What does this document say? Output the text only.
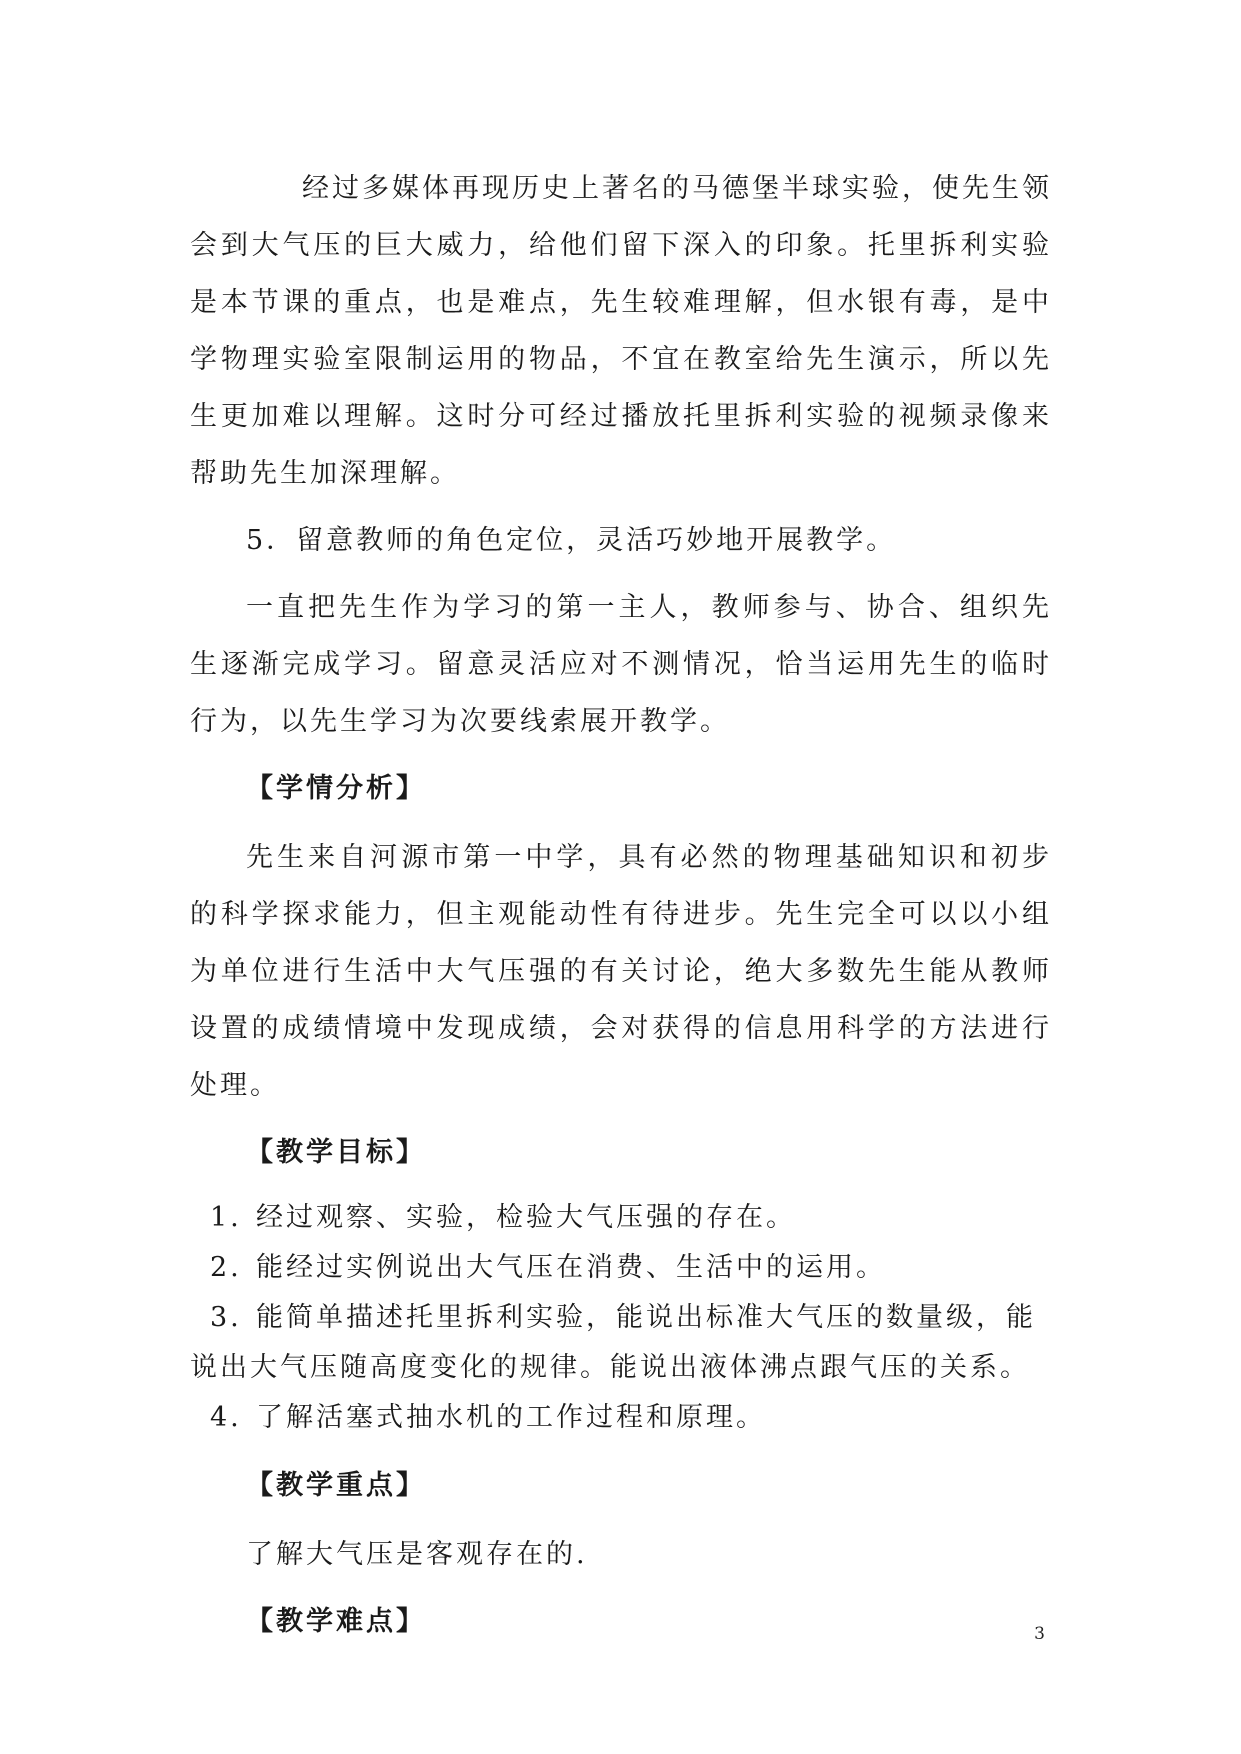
经过多媒体再现历史上著名的马德堡半球实验，使先生领会到大气压的巨大威力，给他们留下深入的印象。托里拆利实验是本节课的重点，也是难点，先生较难理解，但水银有毒，是中学物理实验室限制运用的物品，不宜在教室给先生演示，所以先生更加难以理解。这时分可经过播放托里拆利实验的视频录像来帮助先生加深理解。

5．留意教师的角色定位，灵活巧妙地开展教学。

一直把先生作为学习的第一主人，教师参与、协合、组织先生逐渐完成学习。留意灵活应对不测情况，恰当运用先生的临时行为，以先生学习为次要线索展开教学。

【学情分析】

先生来自河源市第一中学，具有必然的物理基础知识和初步的科学探求能力，但主观能动性有待进步。先生完全可以以小组为单位进行生活中大气压强的有关讨论，绝大多数先生能从教师设置的成绩情境中发现成绩，会对获得的信息用科学的方法进行处理。

【教学目标】
1. 经过观察、实验，检验大气压强的存在。
2. 能经过实例说出大气压在消费、生活中的运用。
3. 能简单描述托里拆利实验，能说出标准大气压的数量级，能说出大气压随高度变化的规律。能说出液体沸点跟气压的关系。
4. 了解活塞式抽水机的工作过程和原理。
【教学重点】

了解大气压是客观存在的.

【教学难点】	3
